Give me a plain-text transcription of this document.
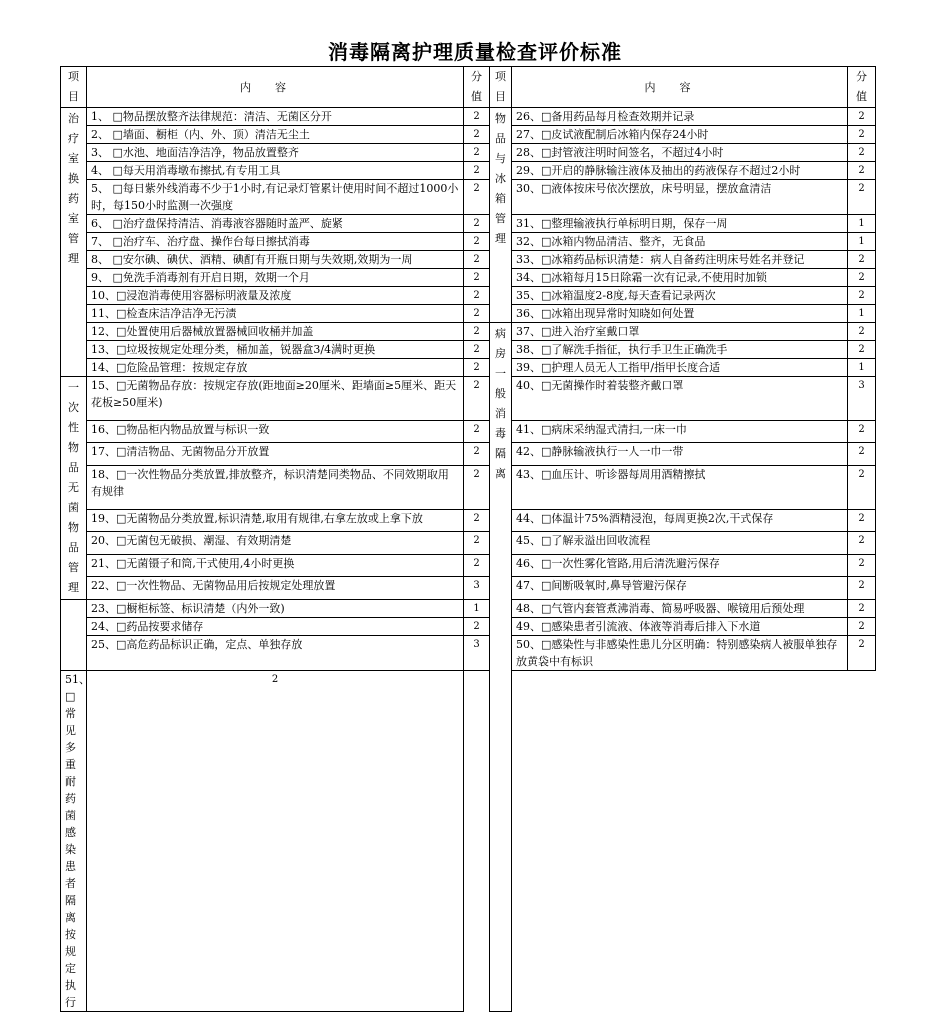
消毒隔离护理质量检查评价标准
项目	内容	分值	项目	内容	分值

治疗室换药室管理	1、 □物品摆放整齐法律规范：清洁、无菌区分开	2	物品与冰箱管理	26、□备用药品每月检查效期并记录	2
	2、 □墙面、橱柜（内、外、顶）清洁无尘土	2		27、□皮试液配制后冰箱内保存24小时	2
	3、 □水池、地面洁净洁净，物品放置整齐	2		28、□封管液注明时间签名，不超过4小时	2
	4、 □每天用消毒墩布擦拭,有专用工具	2		29、□开启的静脉输注液体及抽出的药液保存不超过2小时	2
	5、 □每日紫外线消毒不少于1小时,有记录灯管累计使用时间不超过1000小时，每150小时监测一次强度	2		30、□液体按床号依次摆放，床号明显，摆放盒清洁	2
	6、 □治疗盘保持清洁、消毒液容器随时盖严、旋紧	2		31、□整理输液执行单标明日期，保存一周	1
	7、 □治疗车、治疗盘、操作台每日擦拭消毒	2		32、□冰箱内物品清洁、整齐，无食品	1
	8、 □安尔碘、碘伏、酒精、碘酊有开瓶日期与失效期,效期为一周	2		33、□冰箱药品标识清楚：病人自备药注明床号姓名并登记	2
	9、 □免洗手消毒剂有开启日期，效期一个月	2		34、□冰箱每月15日除霜一次有记录,不使用时加锁	2
	10、□浸泡消毒使用容器标明液量及浓度	2		35、□冰箱温度2-8度,每天查看记录两次	2
	11、□检查床洁净洁净无污渍	2		36、□冰箱出现异常时知晓如何处置	1
	12、□处置使用后器械放置器械回收桶并加盖	2	病房一般消毒隔离	37、□进入治疗室戴口罩	2
	13、□垃圾按规定处理分类，桶加盖，锐器盒3/4满时更换	2		38、□了解洗手指征，执行手卫生正确洗手	2
	14、□危险品管理：按规定存放	2		39、□护理人员无人工指甲/指甲长度合适	1

一次性物品无菌物品管理	15、□无菌物品存放：按规定存放(距地面≥20厘米、距墙面≥5厘米、距天花板≥50厘米)	2		40、□无菌操作时着装整齐戴口罩	3
	16、□物品柜内物品放置与标识一致	2		41、□病床采纳湿式清扫,一床一巾	2
	17、□清洁物品、无菌物品分开放置	2		42、□静脉输液执行一人一巾一带	2
	18、□一次性物品分类放置,排放整齐，标识清楚同类物品、不同效期取用有规律	2		43、□血压计、听诊器每周用酒精擦拭	2
	19、□无菌物品分类放置,标识清楚,取用有规律,右拿左放或上拿下放	2		44、□体温计75%酒精浸泡，每周更换2次,干式保存	2
	20、□无菌包无破损、潮湿、有效期清楚	2		45、□了解汞溢出回收流程	2
	21、□无菌镊子和筒,干式使用,4小时更换	2		46、□一次性雾化管路,用后清洗避污保存	2
	22、□一次性物品、无菌物品用后按规定处理放置	3		47、□间断吸氧时,鼻导管避污保存	2

	23、□橱柜标签、标识清楚（内外一致)	1		48、□气管内套管煮沸消毒、简易呼吸器、喉镜用后预处理	2
	24、□药品按要求储存	2		49、□感染患者引流液、体液等消毒后排入下水道	2
	25、□高危药品标识正确，定点、单独存放	3		50、□感染性与非感染性患儿分区明确：特别感染病人被服单独存放黄袋中有标识	2
51、□常见多重耐药菌感染患者隔离按规定执行	2				
